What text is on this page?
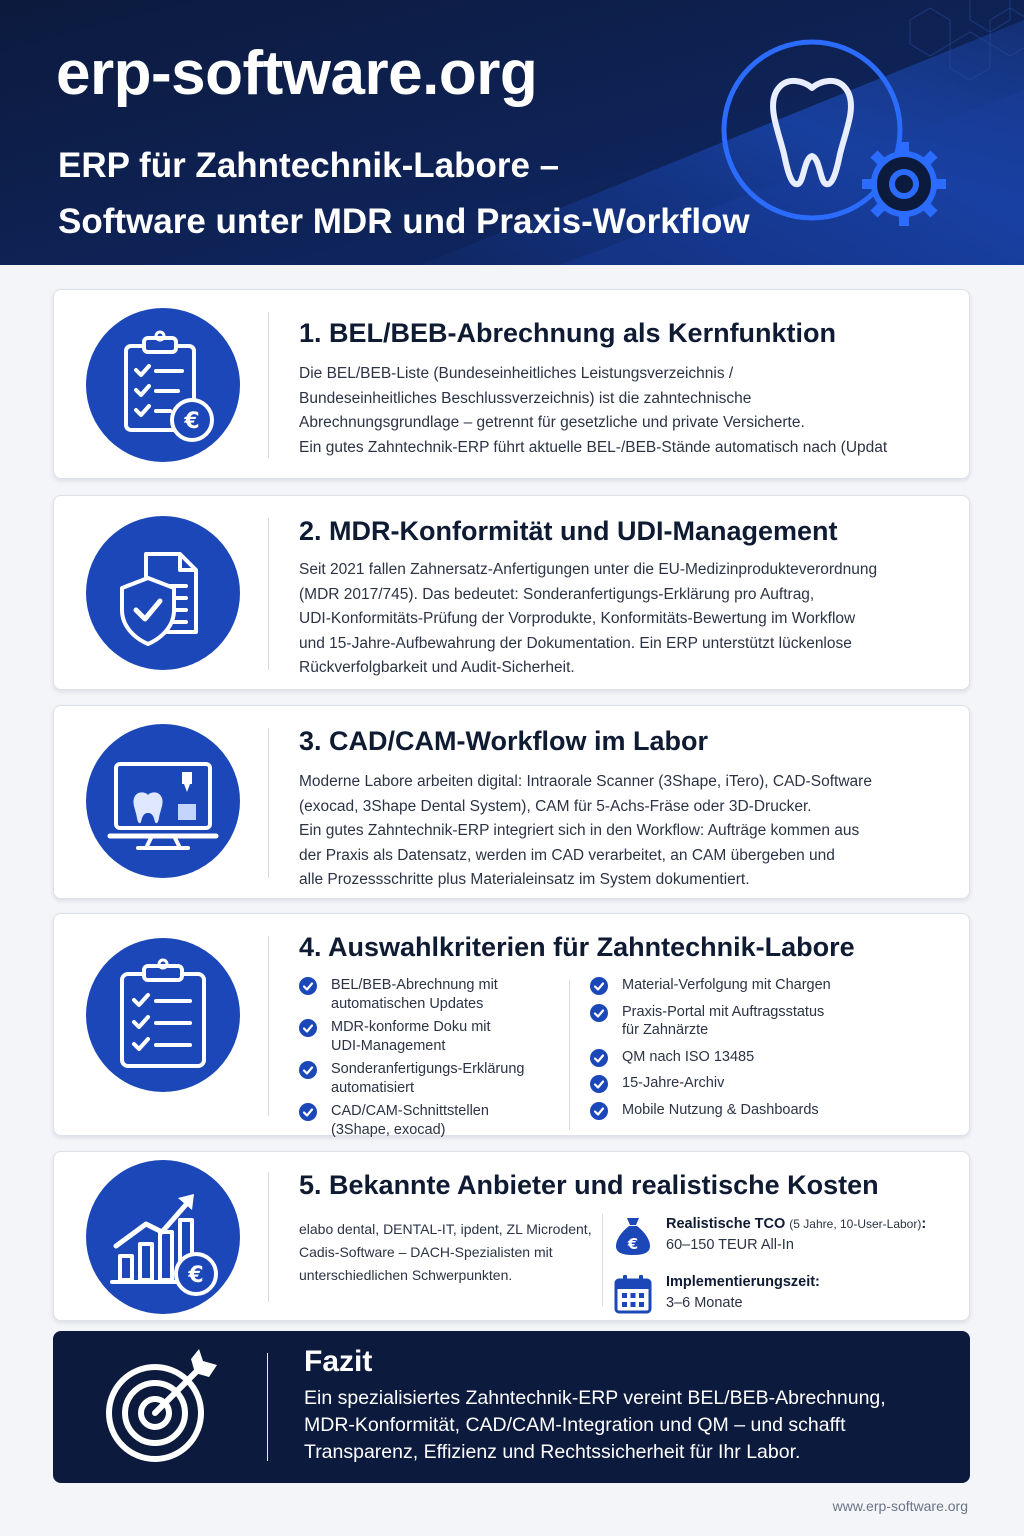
erp-software.org
ERP für Zahntechnik-Labore –
Software unter MDR und Praxis-Workflow
€
1. BEL/BEB-Abrechnung als Kernfunktion

Die BEL/BEB-Liste (Bundeseinheitliches Leistungsverzeichnis /

Bundeseinheitliches Beschlussverzeichnis) ist die zahntechnische

Abrechnungsgrundlage – getrennt für gesetzliche und private Versicherte.

Ein gutes Zahntechnik-ERP führt aktuelle BEL-/BEB-Stände automatisch nach (Updat

2. MDR-Konformität und UDI-Management

Seit 2021 fallen Zahnersatz-Anfertigungen unter die EU-Medizinprodukteverordnung

(MDR 2017/745). Das bedeutet: Sonderanfertigungs-Erklärung pro Auftrag,

UDI-Konformitäts-Prüfung der Vorprodukte, Konformitäts-Bewertung im Workflow

und 15-Jahre-Aufbewahrung der Dokumentation. Ein ERP unterstützt lückenlose

Rückverfolgbarkeit und Audit-Sicherheit.

3. CAD/CAM-Workflow im Labor

Moderne Labore arbeiten digital: Intraorale Scanner (3Shape, iTero), CAD-Software

(exocad, 3Shape Dental System), CAM für 5-Achs-Fräse oder 3D-Drucker.

Ein gutes Zahntechnik-ERP integriert sich in den Workflow: Aufträge kommen aus

der Praxis als Datensatz, werden im CAD verarbeitet, an CAM übergeben und

alle Prozessschritte plus Materialeinsatz im System dokumentiert.

4. Auswahlkriterien für Zahntechnik-Labore
BEL/BEB-Abrechnung mit
automatischen Updates
MDR-konforme Doku mit
UDI-Management
Sonderanfertigungs-Erklärung
automatisiert
CAD/CAM-Schnittstellen
(3Shape, exocad)
Material-Verfolgung mit Chargen
Praxis-Portal mit Auftragsstatus
für Zahnärzte
QM nach ISO 13485
15-Jahre-Archiv
Mobile Nutzung & Dashboards
€
5. Bekannte Anbieter und realistische Kosten

elabo dental, DENTAL-IT, ipdent, ZL Microdent,

Cadis-Software – DACH-Spezialisten mit

unterschiedlichen Schwerpunkten.

€
Realistische TCO (5 Jahre, 10-User-Labor):
60–150 TEUR All-In
Implementierungszeit:
3–6 Monate
Fazit

Ein spezialisiertes Zahntechnik-ERP vereint BEL/BEB-Abrechnung,

MDR-Konformität, CAD/CAM-Integration und QM – und schafft

Transparenz, Effizienz und Rechtssicherheit für Ihr Labor.

www.erp-software.org
